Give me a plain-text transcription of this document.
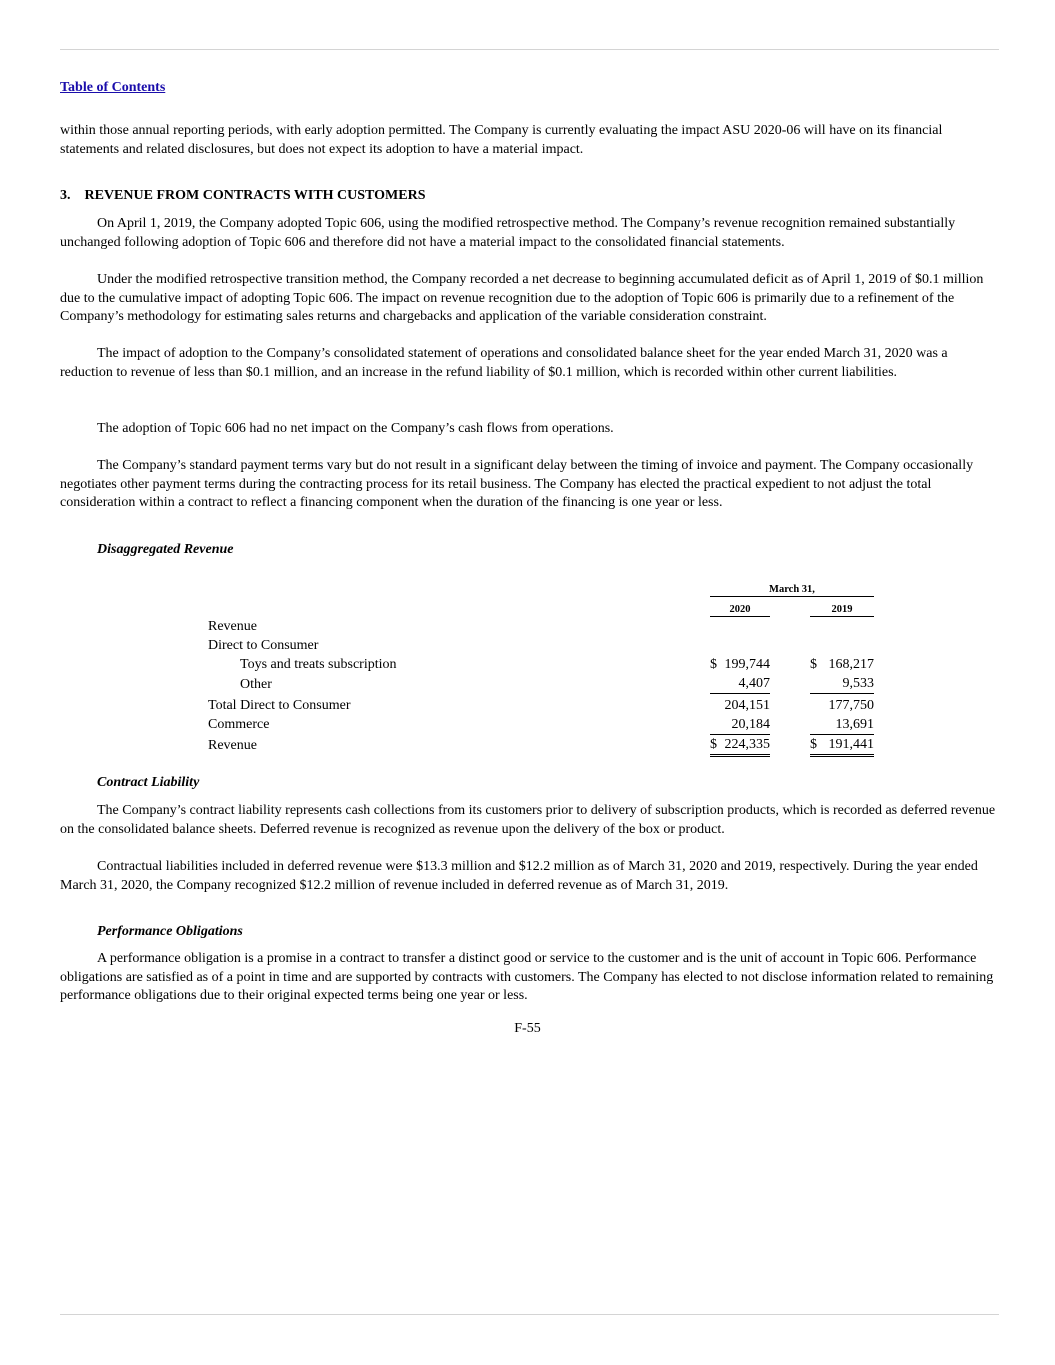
Table of Contents

within those annual reporting periods, with early adoption permitted. The Company is currently evaluating the impact ASU 2020-06 will have on its financial statements and related disclosures, but does not expect its adoption to have a material impact.

3. REVENUE FROM CONTRACTS WITH CUSTOMERS

On April 1, 2019, the Company adopted Topic 606, using the modified retrospective method. The Company’s revenue recognition remained substantially unchanged following adoption of Topic 606 and therefore did not have a material impact to the consolidated financial statements.

Under the modified retrospective transition method, the Company recorded a net decrease to beginning accumulated deficit as of April 1, 2019 of $0.1 million due to the cumulative impact of adopting Topic 606. The impact on revenue recognition due to the adoption of Topic 606 is primarily due to a refinement of the Company’s methodology for estimating sales returns and chargebacks and application of the variable consideration constraint.

The impact of adoption to the Company’s consolidated statement of operations and consolidated balance sheet for the year ended March 31, 2020 was a reduction to revenue of less than $0.1 million, and an increase in the refund liability of $0.1 million, which is recorded within other current liabilities.

The adoption of Topic 606 had no net impact on the Company’s cash flows from operations.

The Company’s standard payment terms vary but do not result in a significant delay between the timing of invoice and payment. The Company occasionally negotiates other payment terms during the contracting process for its retail business. The Company has elected the practical expedient to not adjust the total consideration within a contract to reflect a financing component when the duration of the financing is one year or less.

Disaggregated Revenue

	March 31,		
	2020		2019
Revenue			
Direct to Consumer			
Toys and treats subscription	$ 199,744		$ 168,217

Other	4,407		9,533
Total Direct to Consumer	204,151		177,750
Commerce	20,184		13,691
Revenue	$ 224,335		$ 191,441

Contract Liability

The Company’s contract liability represents cash collections from its customers prior to delivery of subscription products, which is recorded as deferred revenue on the consolidated balance sheets. Deferred revenue is recognized as revenue upon the delivery of the box or product.

Contractual liabilities included in deferred revenue were $13.3 million and $12.2 million as of March 31, 2020 and 2019, respectively. During the year ended March 31, 2020, the Company recognized $12.2 million of revenue included in deferred revenue as of March 31, 2019.

Performance Obligations

A performance obligation is a promise in a contract to transfer a distinct good or service to the customer and is the unit of account in Topic 606. Performance obligations are satisfied as of a point in time and are supported by contracts with customers. The Company has elected to not disclose information related to remaining performance obligations due to their original expected terms being one year or less.

F-55
